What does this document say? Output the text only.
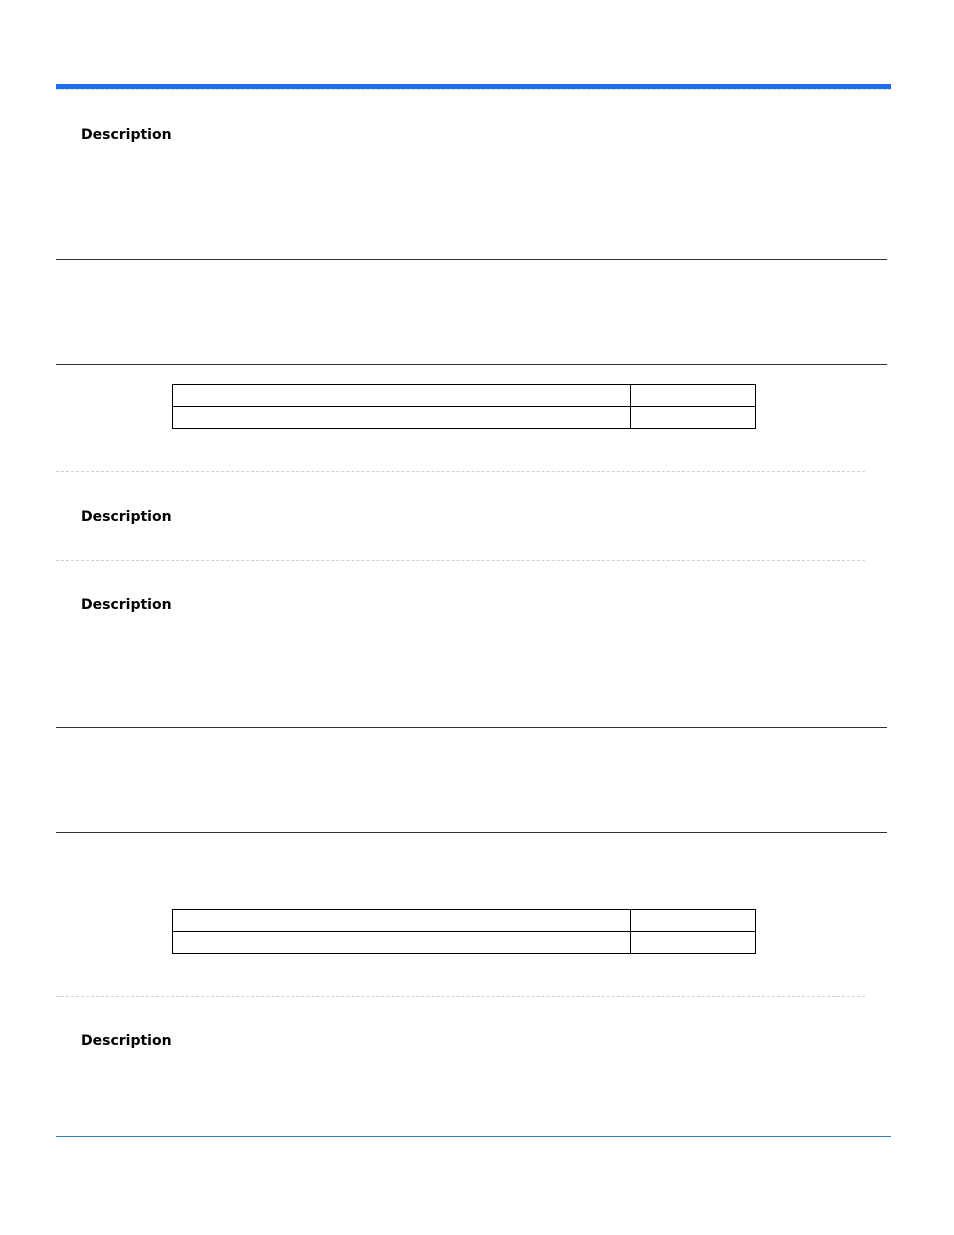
Description

Description
Description

Description
